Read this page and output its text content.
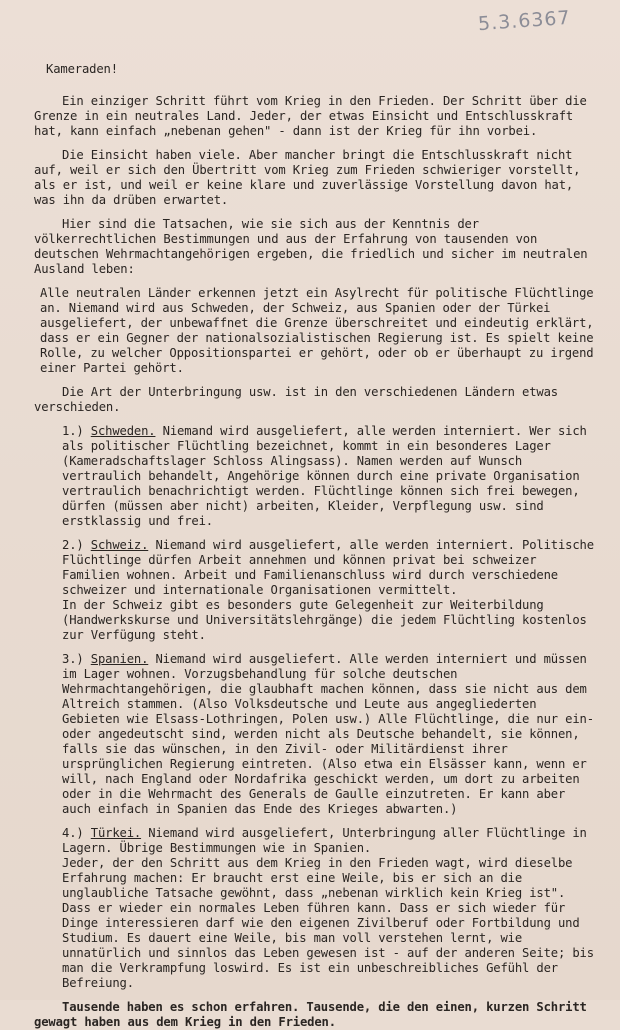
5.3.6367

Kameraden!

Ein einziger Schritt führt vom Krieg in den Frieden. Der Schritt über die Grenze in ein neutrales Land. Jeder, der etwas Einsicht und Entschlusskraft hat, kann einfach „nebenan gehen" - dann ist der Krieg für ihn vorbei.

Die Einsicht haben viele. Aber mancher bringt die Entschlusskraft nicht auf, weil er sich den Übertritt vom Krieg zum Frieden schwieriger vorstellt, als er ist, und weil er keine klare und zuverlässige Vorstellung davon hat, was ihn da drüben erwartet.

Hier sind die Tatsachen, wie sie sich aus der Kenntnis der völkerrechtlichen Bestimmungen und aus der Erfahrung von tausenden von deutschen Wehrmachtangehörigen ergeben, die friedlich und sicher im neutralen Ausland leben:

Alle neutralen Länder erkennen jetzt ein Asylrecht für politische Flüchtlinge an. Niemand wird aus Schweden, der Schweiz, aus Spanien oder der Türkei ausgeliefert, der unbewaffnet die Grenze überschreitet und eindeutig erklärt, dass er ein Gegner der nationalsozialistischen Regierung ist. Es spielt keine Rolle, zu welcher Oppositionspartei er gehört, oder ob er überhaupt zu irgend einer Partei gehört.

Die Art der Unterbringung usw. ist in den verschiedenen Ländern etwas verschieden.

1.) Schweden. Niemand wird ausgeliefert, alle werden interniert. Wer sich als politischer Flüchtling bezeichnet, kommt in ein besonderes Lager (Kameradschaftslager Schloss Alingsass). Namen werden auf Wunsch vertraulich behandelt, Angehörige können durch eine private Organisation vertraulich benachrichtigt werden. Flüchtlinge können sich frei bewegen, dürfen (müssen aber nicht) arbeiten, Kleider, Verpflegung usw. sind erstklassig und frei.

2.) Schweiz. Niemand wird ausgeliefert, alle werden interniert. Politische Flüchtlinge dürfen Arbeit annehmen und können privat bei schweizer Familien wohnen. Arbeit und Familienanschluss wird durch verschiedene schweizer und internationale Organisationen vermittelt.

In der Schweiz gibt es besonders gute Gelegenheit zur Weiterbildung (Handwerkskurse und Universitätslehrgänge) die jedem Flüchtling kostenlos zur Verfügung steht.

3.) Spanien. Niemand wird ausgeliefert. Alle werden interniert und müssen im Lager wohnen. Vorzugsbehandlung für solche deutschen Wehrmachtangehörigen, die glaubhaft machen können, dass sie nicht aus dem Altreich stammen. (Also Volksdeutsche und Leute aus angegliederten Gebieten wie Elsass-Lothringen, Polen usw.) Alle Flüchtlinge, die nur ein- oder angedeutscht sind, werden nicht als Deutsche behandelt, sie können, falls sie das wünschen, in den Zivil- oder Militärdienst ihrer ursprünglichen Regierung eintreten. (Also etwa ein Elsässer kann, wenn er will, nach England oder Nordafrika geschickt werden, um dort zu arbeiten oder in die Wehrmacht des Generals de Gaulle einzutreten. Er kann aber auch einfach in Spanien das Ende des Krieges abwarten.)

4.) Türkei. Niemand wird ausgeliefert, Unterbringung aller Flüchtlinge in Lagern. Übrige Bestimmungen wie in Spanien.

Jeder, der den Schritt aus dem Krieg in den Frieden wagt, wird dieselbe Erfahrung machen: Er braucht erst eine Weile, bis er sich an die unglaubliche Tatsache gewöhnt, dass „nebenan wirklich kein Krieg ist". Dass er wieder ein normales Leben führen kann. Dass er sich wieder für Dinge interessieren darf wie den eigenen Zivilberuf oder Fortbildung und Studium. Es dauert eine Weile, bis man voll verstehen lernt, wie unnatürlich und sinnlos das Leben gewesen ist - auf der anderen Seite; bis man die Verkrampfung loswird. Es ist ein unbeschreibliches Gefühl der Befreiung.

Tausende haben es schon erfahren. Tausende, die den einen, kurzen Schritt gewagt haben aus dem Krieg in den Frieden.
